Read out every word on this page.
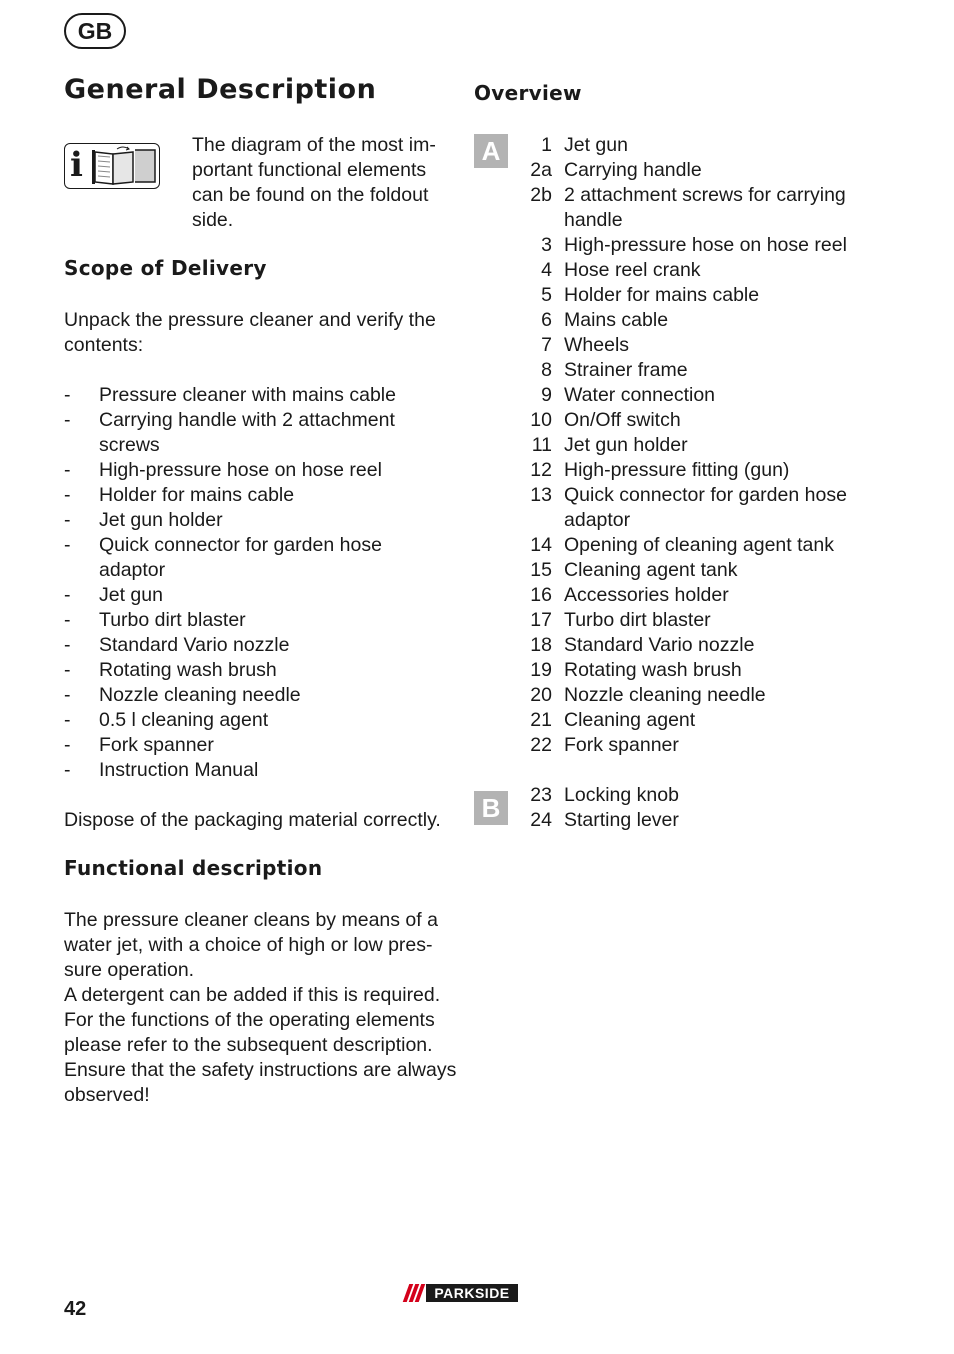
GB
General Description
i	The diagram of the most im-
portant functional elements
can be found on the foldout
side.
Scope of Delivery
Unpack the pressure cleaner and verify the
contents:
- Pressure cleaner with mains cable
- Carrying handle with 2 attachment
screws
- High-pressure hose on hose reel
- Holder for mains cable
- Jet gun holder
- Quick connector for garden hose
adaptor
- Jet gun
- Turbo dirt blaster
- Standard Vario nozzle
- Rotating wash brush
- Nozzle cleaning needle
- 0.5 l cleaning agent
- Fork spanner
- Instruction Manual
Dispose of the packaging material correctly.
Functional description
The pressure cleaner cleans by means of a
water jet, with a choice of high or low pres-
sure operation.
A detergent can be added if this is required.
For the functions of the operating elements
please refer to the subsequent description.
Ensure that the safety instructions are always
observed!
Overview
A	1 Jet gun
2a Carrying handle
2b 2 attachment screws for carrying
handle
3 High-pressure hose on hose reel
4 Hose reel crank
5 Holder for mains cable
6 Mains cable
7 Wheels
8 Strainer frame
9 Water connection
10 On/Off switch
11 Jet gun holder
12 High-pressure fitting (gun)
13 Quick connector for garden hose
adaptor
14 Opening of cleaning agent tank
15 Cleaning agent tank
16 Accessories holder
17 Turbo dirt blaster
18 Standard Vario nozzle
19 Rotating wash brush
20 Nozzle cleaning needle
21 Cleaning agent
22 Fork spanner
B	23 Locking knob
24 Starting lever
42
PARKSIDE
